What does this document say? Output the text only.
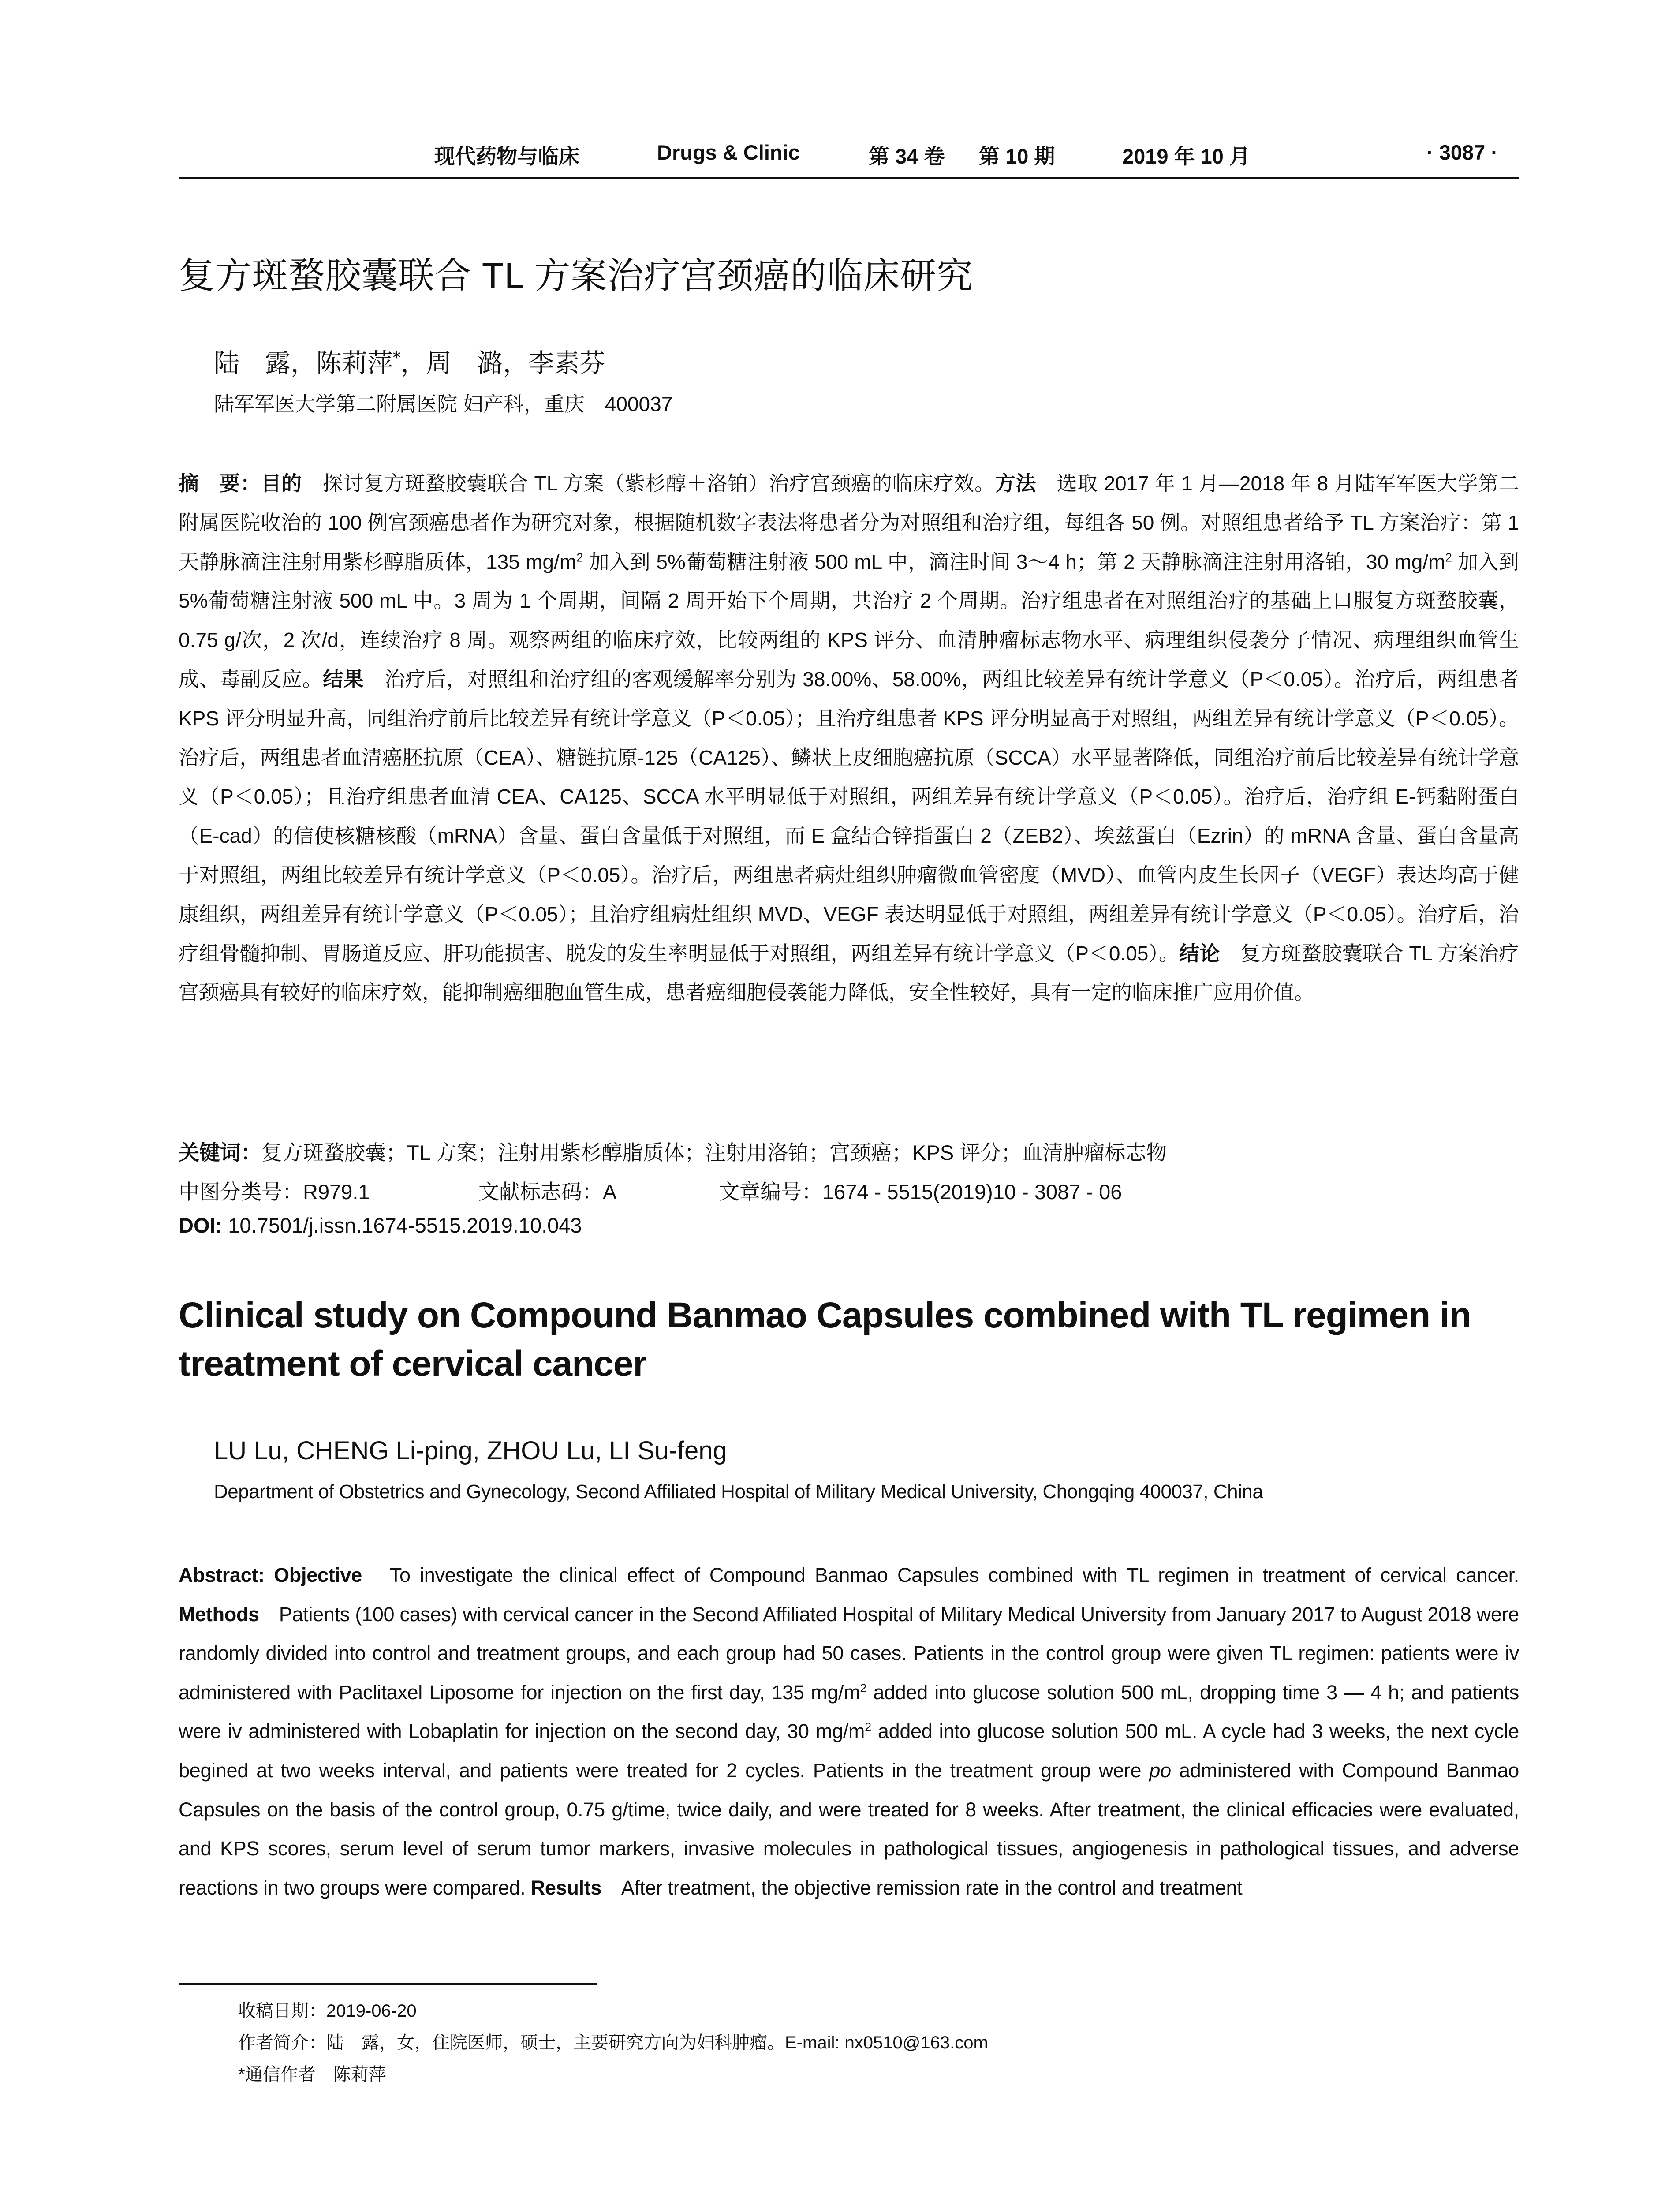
现代药物与临床	Drugs & Clinic	第 34 卷 第 10 期	2019 年 10 月	· 3087 ·
复方斑蝥胶囊联合 TL 方案治疗宫颈癌的临床研究
陆　露，陈莉萍*，周　潞，李素芬
陆军军医大学第二附属医院 妇产科，重庆　400037
摘　要：目的　探讨复方斑蝥胶囊联合 TL 方案（紫杉醇＋洛铂）治疗宫颈癌的临床疗效。方法　选取 2017 年 1 月—2018 年 8 月陆军军医大学第二附属医院收治的 100 例宫颈癌患者作为研究对象，根据随机数字表法将患者分为对照组和治疗组，每组各 50 例。对照组患者给予 TL 方案治疗：第 1 天静脉滴注注射用紫杉醇脂质体，135 $mg/m^2$ 加入到 5%葡萄糖注射液 500 mL 中，滴注时间 3～4 h；第 2 天静脉滴注注射用洛铂，30 $mg/m^2$ 加入到 5%葡萄糖注射液 500 mL 中。3 周为 1 个周期，间隔 2 周开始下个周期，共治疗 2 个周期。治疗组患者在对照组治疗的基础上口服复方斑蝥胶囊，0.75 g/次，2 次/d，连续治疗 8 周。观察两组的临床疗效，比较两组的 KPS 评分、血清肿瘤标志物水平、病理组织侵袭分子情况、病理组织血管生成、毒副反应。结果　治疗后，对照组和治疗组的客观缓解率分别为 38.00%、58.00%，两组比较差异有统计学意义（P＜0.05）。治疗后，两组患者 KPS 评分明显升高，同组治疗前后比较差异有统计学意义（P＜0.05）；且治疗组患者 KPS 评分明显高于对照组，两组差异有统计学意义（P＜0.05）。治疗后，两组患者血清癌胚抗原（CEA）、糖链抗原-125（CA125）、鳞状上皮细胞癌抗原（SCCA）水平显著降低，同组治疗前后比较差异有统计学意义（P＜0.05）；且治疗组患者血清 CEA、CA125、SCCA 水平明显低于对照组，两组差异有统计学意义（P＜0.05）。治疗后，治疗组 E-钙黏附蛋白（E-cad）的信使核糖核酸（mRNA）含量、蛋白含量低于对照组，而 E 盒结合锌指蛋白 2（ZEB2）、埃兹蛋白（Ezrin）的 mRNA 含量、蛋白含量高于对照组，两组比较差异有统计学意义（P＜0.05）。治疗后，两组患者病灶组织肿瘤微血管密度（MVD）、血管内皮生长因子（VEGF）表达均高于健康组织，两组差异有统计学意义（P＜0.05）；且治疗组病灶组织 MVD、VEGF 表达明显低于对照组，两组差异有统计学意义（P＜0.05）。治疗后，治疗组骨髓抑制、胃肠道反应、肝功能损害、脱发的发生率明显低于对照组，两组差异有统计学意义（P＜0.05）。结论　复方斑蝥胶囊联合 TL 方案治疗宫颈癌具有较好的临床疗效，能抑制癌细胞血管生成，患者癌细胞侵袭能力降低，安全性较好，具有一定的临床推广应用价值。
关键词：复方斑蝥胶囊；TL 方案；注射用紫杉醇脂质体；注射用洛铂；宫颈癌；KPS 评分；血清肿瘤标志物
中图分类号：R979.1	文献标志码：A	文章编号：1674 - 5515(2019)10 - 3087 - 06
DOI: 10.7501/j.issn.1674-5515.2019.10.043
Clinical study on Compound Banmao Capsules combined with TL regimen in treatment of cervical cancer
LU Lu, CHENG Li-ping, ZHOU Lu, LI Su-feng
Department of Obstetrics and Gynecology, Second Affiliated Hospital of Military Medical University, Chongqing 400037, China
Abstract: Objective　To investigate the clinical effect of Compound Banmao Capsules combined with TL regimen in treatment of cervical cancer. Methods　Patients (100 cases) with cervical cancer in the Second Affiliated Hospital of Military Medical University from January 2017 to August 2018 were randomly divided into control and treatment groups, and each group had 50 cases. Patients in the control group were given TL regimen: patients were iv administered with Paclitaxel Liposome for injection on the first day, 135 $mg/m^2$ added into glucose solution 500 mL, dropping time 3 — 4 h; and patients were iv administered with Lobaplatin for injection on the second day, 30 $mg/m^2$ added into glucose solution 500 mL. A cycle had 3 weeks, the next cycle begined at two weeks interval, and patients were treated for 2 cycles. Patients in the treatment group were po administered with Compound Banmao Capsules on the basis of the control group, 0.75 g/time, twice daily, and were treated for 8 weeks. After treatment, the clinical efficacies were evaluated, and KPS scores, serum level of serum tumor markers, invasive molecules in pathological tissues, angiogenesis in pathological tissues, and adverse reactions in two groups were compared. Results　After treatment, the objective remission rate in the control and treatment
收稿日期：2019-06-20
作者简介：陆　露，女，住院医师，硕士，主要研究方向为妇科肿瘤。E-mail: nx0510@163.com
*通信作者　陈莉萍
